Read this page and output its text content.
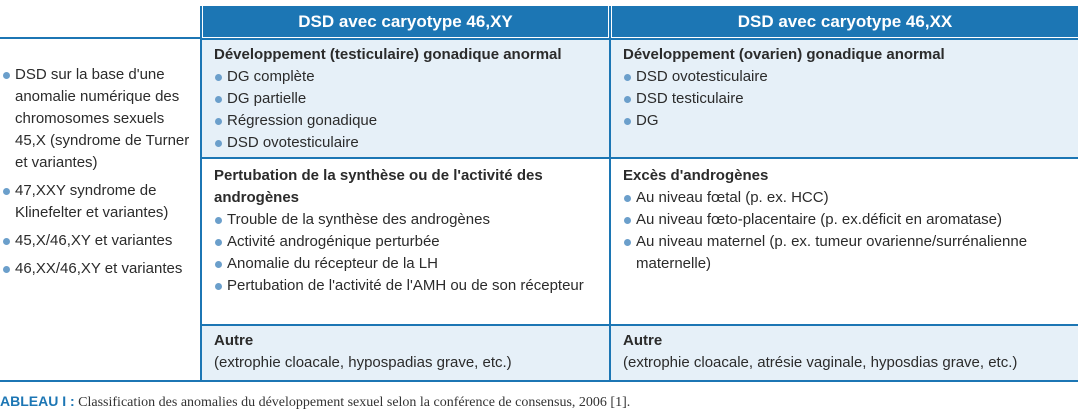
DSD avec caryotype 46,XY	DSD avec caryotype 46,XX
DSD sur la base d'une anomalie numérique des chromosomes sexuels 45,X (syndrome de Turner et variantes)
47,XXY syndrome de Klinefelter et variantes)
45,X/46,XY et variantes
46,XX/46,XY et variantes
Développement (testiculaire) gonadique anormal
DG complète
DG partielle
Régression gonadique
DSD ovotesticulaire
Pertubation de la synthèse ou de l'activité des androgènes
Trouble de la synthèse des androgènes
Activité androgénique perturbée
Anomalie du récepteur de la LH
Pertubation de l'activité de l'AMH ou de son récepteur
Autre
(extrophie cloacale, hypospadias grave, etc.)
Développement (ovarien) gonadique anormal
DSD ovotesticulaire
DSD testiculaire
DG
Excès d'androgènes
Au niveau fœtal (p. ex. HCC)
Au niveau fœto-placentaire (p. ex.déficit en aromatase)
Au niveau maternel (p. ex. tumeur ovarienne/surrénalienne maternelle)
Autre
(extrophie cloacale, atrésie vaginale, hyposdias grave, etc.)
ABLEAU I : Classification des anomalies du développement sexuel selon la conférence de consensus, 2006 [1].
